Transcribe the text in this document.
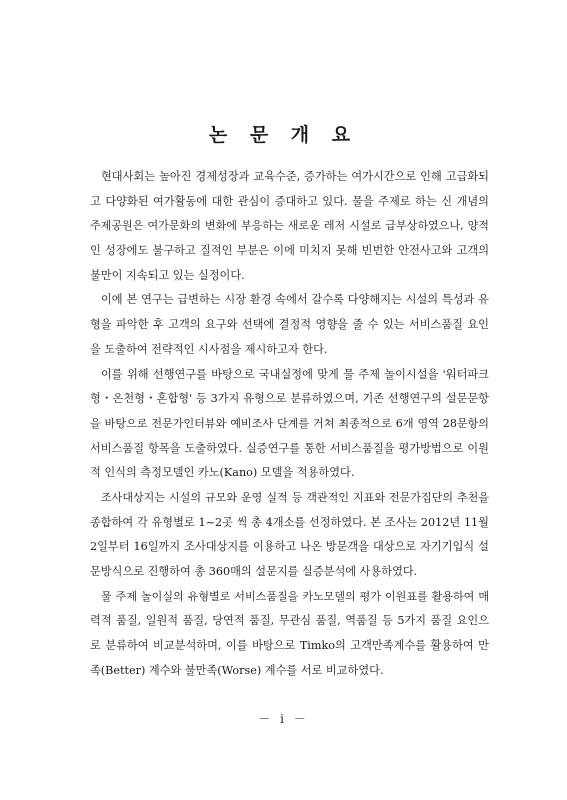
논 문 개 요
현대사회는 높아진 경제성장과 교육수준, 증가하는 여가시간으로 인해 고급화되
고 다양화된 여가활동에 대한 관심이 증대하고 있다. 물을 주제로 하는 신 개념의
주제공원은 여가문화의 변화에 부응하는 새로운 레저 시설로 급부상하였으나, 양적
인 성장에도 불구하고 질적인 부분은 이에 미치지 못해 빈번한 안전사고와 고객의
불만이 지속되고 있는 실정이다.
이에 본 연구는 급변하는 시장 환경 속에서 갈수록 다양해지는 시설의 특성과 유
형을 파악한 후 고객의 요구와 선택에 결정적 영향을 줄 수 있는 서비스품질 요인
을 도출하여 전략적인 시사점을 제시하고자 한다.
이를 위해 선행연구를 바탕으로 국내실정에 맞게 물 주제 놀이시설을 '워터파크
형・온천형・혼합형' 등 3가지 유형으로 분류하였으며, 기존 선행연구의 설문문항
을 바탕으로 전문가인터뷰와 예비조사 단계를 거쳐 최종적으로 6개 영역 28문항의
서비스품질 항목을 도출하였다. 실증연구를 통한 서비스품질을 평가방법으로 이원
적 인식의 측정모델인 카노(Kano) 모델을 적용하였다.
조사대상지는 시설의 규모와 운영 실적 등 객관적인 지표와 전문가집단의 추천을
종합하여 각 유형별로 1~2곳 씩 총 4개소를 선정하였다. 본 조사는 2012년 11월
2일부터 16일까지 조사대상지를 이용하고 나온 방문객을 대상으로 자기기입식 설
문방식으로 진행하여 총 360매의 설문지를 실증분석에 사용하였다.
물 주제 놀이실의 유형별로 서비스품질을 카노모델의 평가 이원표를 활용하여 매
력적 품질, 일원적 품질, 당연적 품질, 무관심 품질, 역품질 등 5가지 품질 요인으
로 분류하여 비교분석하며, 이를 바탕으로 Timko의 고객만족계수를 활용하여 만
족(Better) 계수와 불만족(Worse) 계수를 서로 비교하였다.
－ i －
